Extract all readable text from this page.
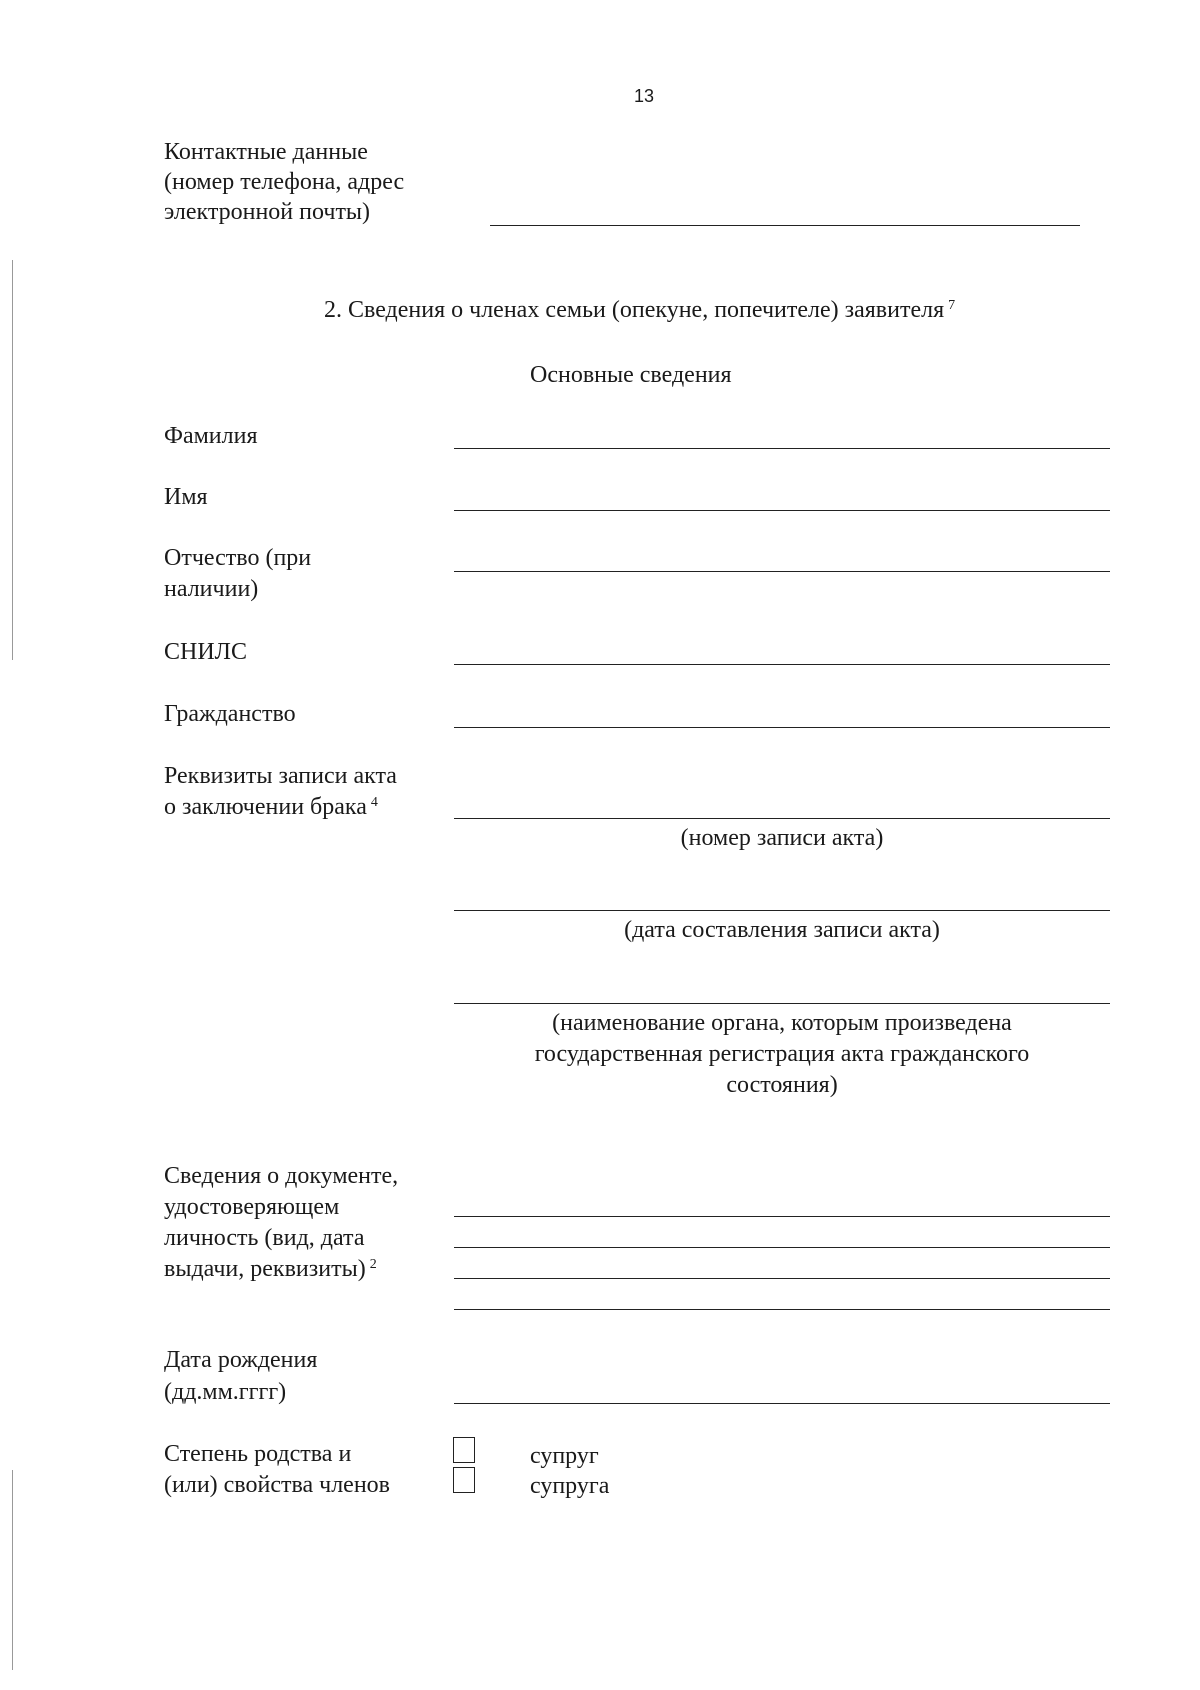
13
Контактные данные
(номер телефона, адрес
электронной почты)
2. Сведения о членах семьи (опекуне, попечителе) заявителя $^7$
Основные сведения
Фамилия
Имя
Отчество (при
наличии)
СНИЛС
Гражданство
Реквизиты записи акта
о заключении брака $^4$
(номер записи акта)
(дата составления записи акта)
(наименование органа, которым произведена
государственная регистрация акта гражданского
состояния)
Сведения о документе,
удостоверяющем
личность (вид, дата
выдачи, реквизиты) $^2$
Дата рождения
(дд.мм.гггг)
Степень родства и
(или) свойства членов
супруг
супруга
